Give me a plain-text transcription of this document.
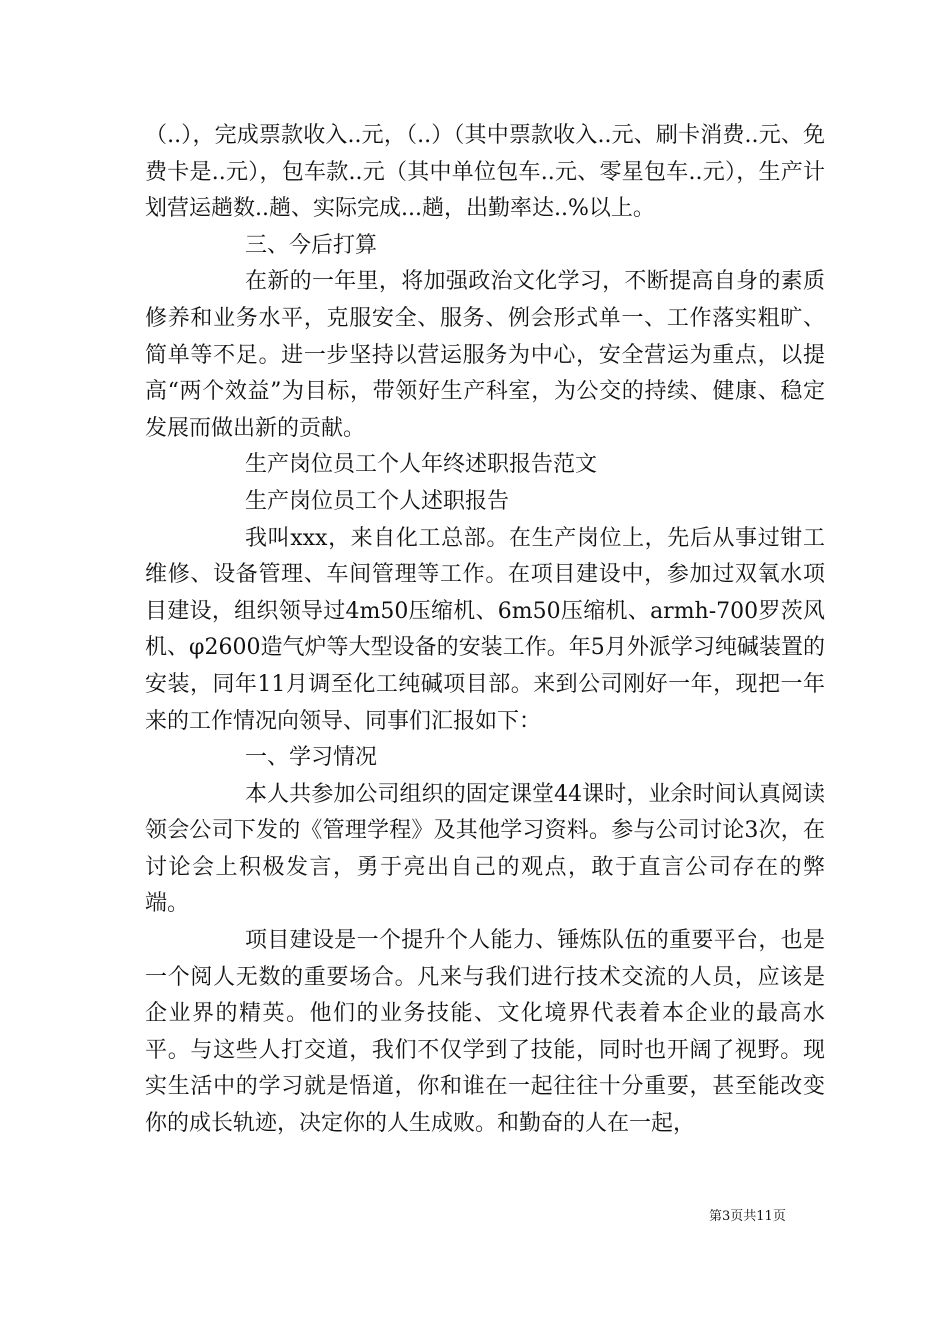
（..），完成票款收入..元，（..）（其中票款收入..元、刷卡消费..元、免费卡是..元），包车款..元（其中单位包车..元、零星包车..元），生产计划营运趟数..趟、实际完成...趟，出勤率达..%以上。

三、今后打算

在新的一年里，将加强政治文化学习，不断提高自身的素质修养和业务水平，克服安全、服务、例会形式单一、工作落实粗旷、简单等不足。进一步坚持以营运服务为中心，安全营运为重点，以提高“两个效益”为目标，带领好生产科室，为公交的持续、健康、稳定发展而做出新的贡献。

生产岗位员工个人年终述职报告范文

生产岗位员工个人述职报告

我叫xxx，来自化工总部。在生产岗位上，先后从事过钳工维修、设备管理、车间管理等工作。在项目建设中，参加过双氧水项目建设，组织领导过4m50压缩机、6m50压缩机、armh-700罗茨风机、φ2600造气炉等大型设备的安装工作。年5月外派学习纯碱装置的安装，同年11月调至化工纯碱项目部。来到公司刚好一年，现把一年来的工作情况向领导、同事们汇报如下：

一、学习情况

本人共参加公司组织的固定课堂44课时，业余时间认真阅读领会公司下发的《管理学程》及其他学习资料。参与公司讨论3次，在讨论会上积极发言，勇于亮出自己的观点，敢于直言公司存在的弊端。

项目建设是一个提升个人能力、锤炼队伍的重要平台，也是一个阅人无数的重要场合。凡来与我们进行技术交流的人员，应该是企业界的精英。他们的业务技能、文化境界代表着本企业的最高水平。与这些人打交道，我们不仅学到了技能，同时也开阔了视野。现实生活中的学习就是悟道，你和谁在一起往往十分重要，甚至能改变你的成长轨迹，决定你的人生成败。和勤奋的人在一起，

第3页共11页
